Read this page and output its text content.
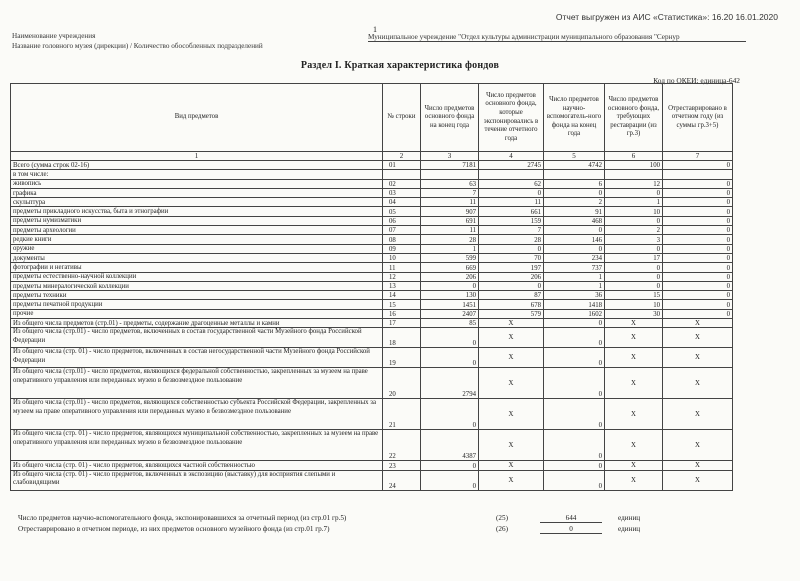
Отчет выгружен из АИС «Статистика»: 16.20 16.01.2020
1
Наименование учреждения
Название головного музея (дирекции) / Количество обособленных подразделений
Муниципальное учреждение "Отдел культуры администрации муниципального образования "Сернур
Раздел I. Краткая характеристика фондов
Код по ОКЕИ: единица-642
Вид предметов	№ строки	Число предметов основного фонда на конец года	Число предметов основного фонда, которые экспонировались в течение отчетного года	Число предметов научно-вспомогатель-ного фонда на конец года	Число предметов основного фонда, требующих реставрации (из гр.3)	Отреставрировано в отчетном году (из суммы гр.3+5)
1	2	3	4	5	6	7
Всего (сумма строк 02-16)	01	7181	2745	4742	100	0
в том числе:						
живопись	02	63	62	6	12	0
графика	03	7	0	0	0	0
скульптура	04	11	11	2	1	0
предметы прикладного искусства, быта и этнографии	05	907	661	91	10	0
предметы нумизматики	06	691	159	468	0	0
предметы археологии	07	11	7	0	2	0
редкие книги	08	28	28	146	3	0
оружие	09	1	0	0	0	0
документы	10	599	70	234	17	0
фотографии и негативы	11	669	197	737	0	0
предметы естественно-научной коллекции	12	206	206	1	0	0
предметы минералогической коллекции	13	0	0	1	0	0
предметы техники	14	130	87	36	15	0
предметы печатной продукции	15	1451	678	1418	10	0
прочие	16	2407	579	1602	30	0
Из общего числа предметов (стр.01) - предметы, содержание драгоценные металлы и камни	17	85	X	0	X	X
Из общего числа (стр.01) - число предметов, включенных в состав государственной части Музейного фонда Российской Федерации	18	0	X	0	X	X
Из общего числа (стр. 01) - число предметов, включенных в состав негосударственной части Музейного фонда Российской Федерации	19	0	X	0	X	X
Из общего числа (стр.01) - число предметов, являющихся федеральной собственностью, закрепленных за музеем на праве оперативного управления или переданных музею в безвозмездное пользование	20	2794	X	0	X	X
Из общего числа (стр.01) - число предметов, являющихся собственностью субъекта Российской Федерации, закрепленных за музеем на праве оперативного управления или переданных музею в безвозмездное пользование	21	0	X	0	X	X
Из общего числа (стр. 01) - число предметов, являющихся муниципальной собственностью, закрепленных за музеем на праве оперативного управления или переданных музею в безвозмездное пользование	22	4387	X	0	X	X
Из общего числа (стр. 01) - число предметов, являющихся частной собственностью	23	0	X	0	X	X
Из общего числа (стр. 01) - число предметов, включенных в экспозицию (выставку) для восприятия слепыми и слабовидящими	24	0	X	0	X	X
Число предметов научно-вспомогательного фонда, экспонировавшихся за отчетный период (из стр.01 гр.5)	(25)	644	единиц
Отреставрировано в отчетном периоде, из них предметов основного музейного фонда (из стр.01 гр.7)	(26)	0	единиц
